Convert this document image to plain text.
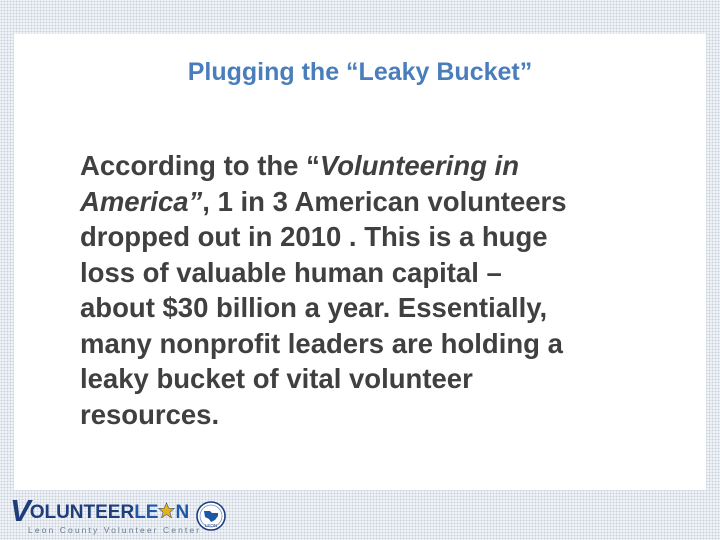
Plugging the “Leaky Bucket”
According to the “Volunteering in
America”, 1 in 3 American volunteers
dropped out in 2010 . This is a huge
loss of valuable human capital –
about $30 billion a year. Essentially,
many nonprofit leaders are holding a
leaky bucket of vital volunteer
resources.
VOLUNTEERLE N
LEON
Leon County Volunteer Center
